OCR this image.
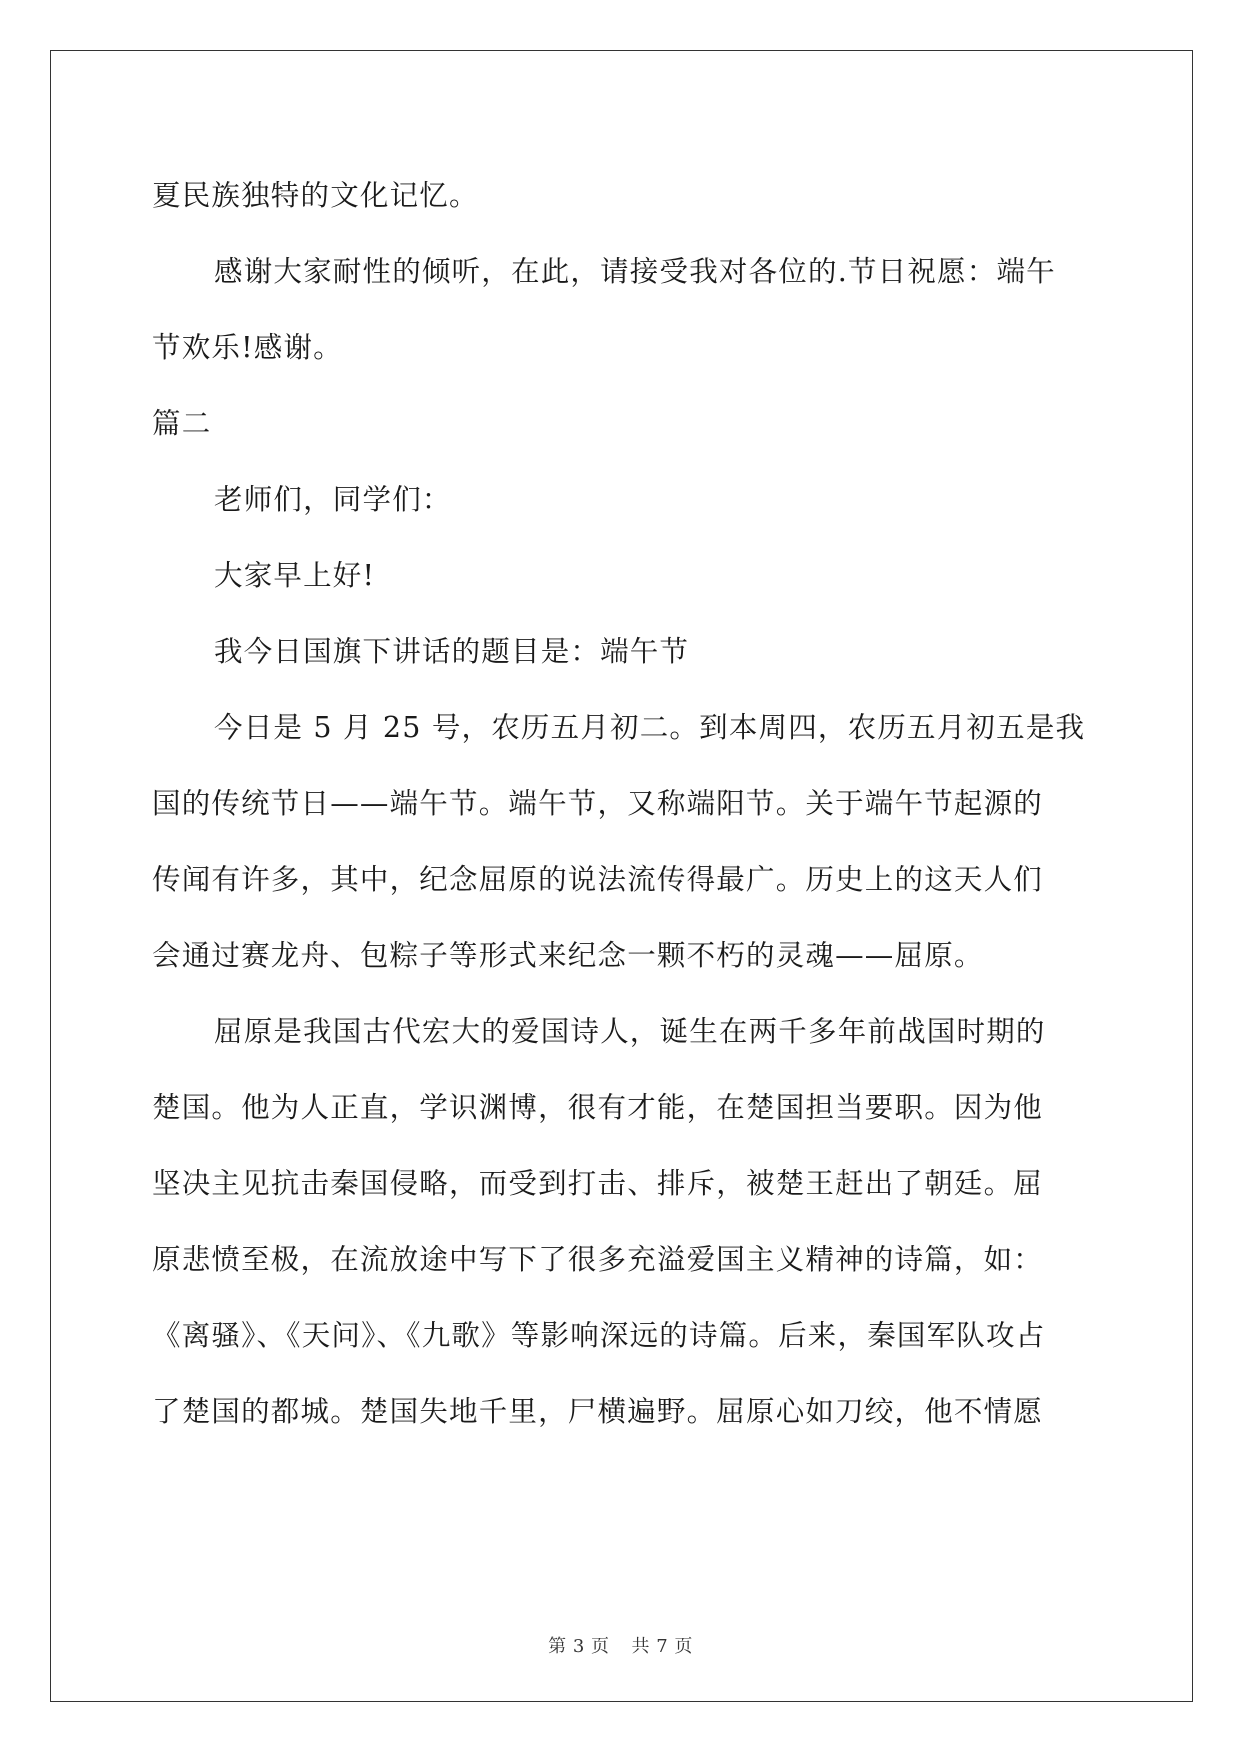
夏民族独特的文化记忆。
感谢大家耐性的倾听，在此，请接受我对各位的.节日祝愿：端午
节欢乐!感谢。
篇二
老师们，同学们：
大家早上好!
我今日国旗下讲话的题目是：端午节
今日是 5 月 25 号，农历五月初二。到本周四，农历五月初五是我
国的传统节日——端午节。端午节，又称端阳节。关于端午节起源的
传闻有许多，其中，纪念屈原的说法流传得最广。历史上的这天人们
会通过赛龙舟、包粽子等形式来纪念一颗不朽的灵魂——屈原。
屈原是我国古代宏大的爱国诗人，诞生在两千多年前战国时期的
楚国。他为人正直，学识渊博，很有才能，在楚国担当要职。因为他
坚决主见抗击秦国侵略，而受到打击、排斥，被楚王赶出了朝廷。屈
原悲愤至极，在流放途中写下了很多充溢爱国主义精神的诗篇，如：
《离骚》、《天问》、《九歌》等影响深远的诗篇。后来，秦国军队攻占
了楚国的都城。楚国失地千里，尸横遍野。屈原心如刀绞，他不情愿
第 3 页 共 7 页
